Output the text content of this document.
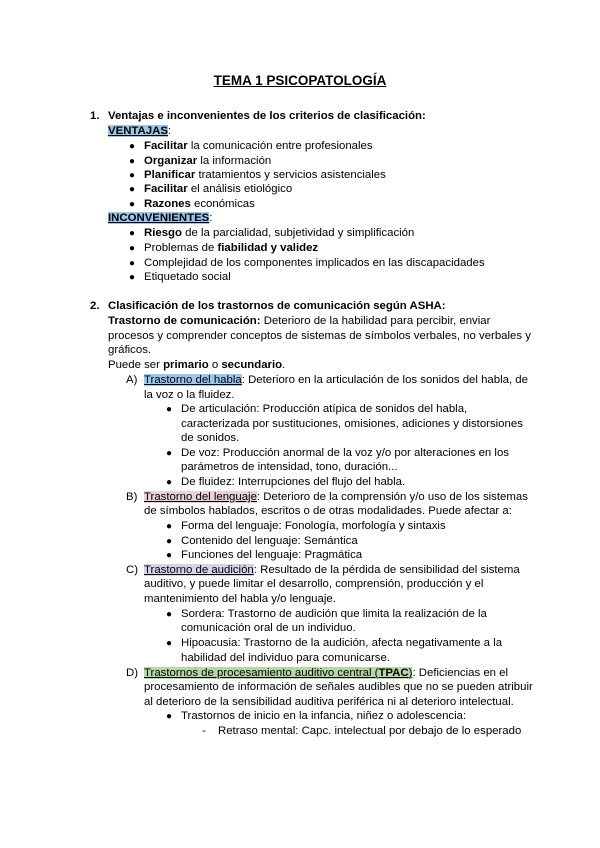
TEMA 1 PSICOPATOLOGÍA
1. Ventajas e inconvenientes de los criterios de clasificación:
VENTAJAS:
● Facilitar la comunicación entre profesionales
● Organizar la información
● Planificar tratamientos y servicios asistenciales
● Facilitar el análisis etiológico
● Razones económicas
INCONVENIENTES:
● Riesgo de la parcialidad, subjetividad y simplificación
● Problemas de fiabilidad y validez
● Complejidad de los componentes implicados en las discapacidades
● Etiquetado social
2. Clasificación de los trastornos de comunicación según ASHA:
Trastorno de comunicación: Deterioro de la habilidad para percibir, enviar
procesos y comprender conceptos de sistemas de símbolos verbales, no verbales y
gráficos.
Puede ser primario o secundario.
A) Trastorno del habla: Deterioro en la articulación de los sonidos del habla, de
la voz o la fluidez.
● De articulación: Producción atípica de sonidos del habla,
caracterizada por sustituciones, omisiones, adiciones y distorsiones
de sonidos.
● De voz: Producción anormal de la voz y/o por alteraciones en los
parámetros de intensidad, tono, duración...
● De fluidez: Interrupciones del flujo del habla.
B) Trastorno del lenguaje: Deterioro de la comprensión y/o uso de los sistemas
de símbolos hablados, escritos o de otras modalidades. Puede afectar a:
● Forma del lenguaje: Fonología, morfología y sintaxis
● Contenido del lenguaje: Semántica
● Funciones del lenguaje: Pragmática
C) Trastorno de audición: Resultado de la pérdida de sensibilidad del sistema
auditivo, y puede limitar el desarrollo, comprensión, producción y el
mantenimiento del habla y/o lenguaje.
● Sordera: Trastorno de audición que limita la realización de la
comunicación oral de un individuo.
● Hipoacusia: Trastorno de la audición, afecta negativamente a la
habilidad del individuo para comunicarse.
D) Trastornos de procesamiento auditivo central (TPAC): Deficiencias en el
procesamiento de información de señales audibles que no se pueden atribuir
al deterioro de la sensibilidad auditiva periférica ni al deterioro intelectual.
● Trastornos de inicio en la infancia, niñez o adolescencia:
- Retraso mental: Capc. intelectual por debajo de lo esperado
